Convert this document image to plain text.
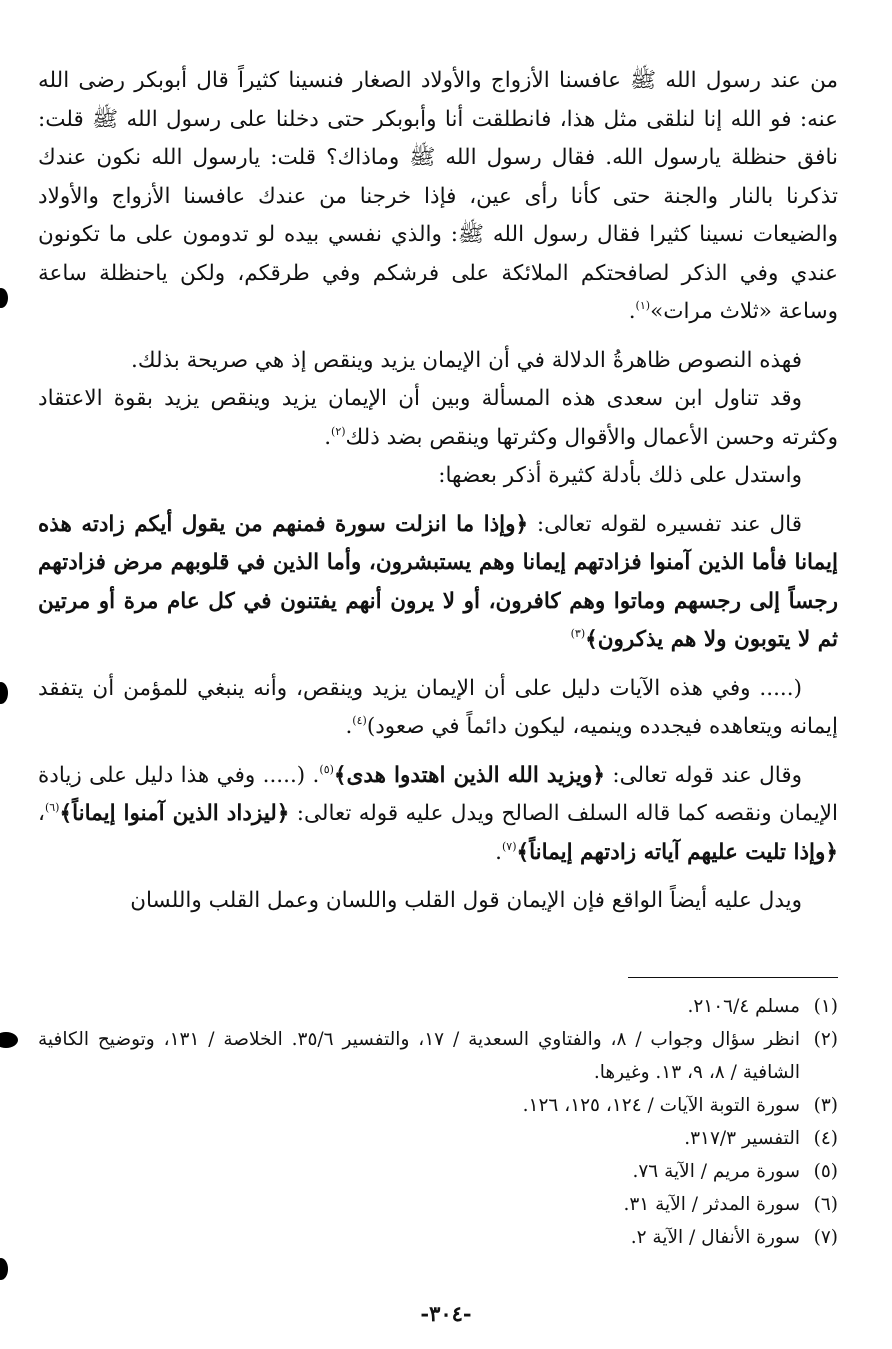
من عند رسول الله ﷺ عافسنا الأزواج والأولاد الصغار فنسينا كثيراً قال أبوبكر رضى الله عنه: فو الله إنا لنلقى مثل هذا، فانطلقت أنا وأبوبكر حتى دخلنا على رسول الله ﷺ قلت: نافق حنظلة يارسول الله. فقال رسول الله ﷺ وماذاك؟ قلت: يارسول الله نكون عندك تذكرنا بالنار والجنة حتى كأنا رأى عين، فإذا خرجنا من عندك عافسنا الأزواج والأولاد والضيعات نسينا كثيرا فقال رسول الله ﷺ: والذي نفسي بيده لو تدومون على ما تكونون عندي وفي الذكر لصافحتكم الملائكة على فرشكم وفي طرقكم، ولكن ياحنظلة ساعة وساعة «ثلاث مرات»$^{(١)}$.

فهذه النصوص ظاهرةُ الدلالة في أن الإيمان يزيد وينقص إذ هي صريحة بذلك.

وقد تناول ابن سعدى هذه المسألة وبين أن الإيمان يزيد وينقص يزيد بقوة الاعتقاد وكثرته وحسن الأعمال والأقوال وكثرتها وينقص بضد ذلك$^{(٢)}$.

واستدل على ذلك بأدلة كثيرة أذكر بعضها:

قال عند تفسيره لقوله تعالى: ﴿وإذا ما انزلت سورة فمنهم من يقول أيكم زادته هذه إيمانا فأما الذين آمنوا فزادتهم إيمانا وهم يستبشرون، وأما الذين في قلوبهم مرض فزادتهم رجساً إلى رجسهم وماتوا وهم كافرون، أو لا يرون أنهم يفتنون في كل عام مرة أو مرتين ثم لا يتوبون ولا هم يذكرون﴾$^{(٣)}$

(..... وفي هذه الآيات دليل على أن الإيمان يزيد وينقص، وأنه ينبغي للمؤمن أن يتفقد إيمانه ويتعاهده فيجدده وينميه، ليكون دائماً في صعود)$^{(٤)}$.

وقال عند قوله تعالى: ﴿ويزيد الله الذين اهتدوا هدى﴾$^{(٥)}$. (..... وفي هذا دليل على زيادة الإيمان ونقصه كما قاله السلف الصالح ويدل عليه قوله تعالى: ﴿ليزداد الذين آمنوا إيماناً﴾$^{(٦)}$، ﴿وإذا تليت عليهم آياته زادتهم إيماناً﴾$^{(٧)}$.

ويدل عليه أيضاً الواقع فإن الإيمان قول القلب واللسان وعمل القلب واللسان

(١)مسلم ٢١٠٦/٤.

(٢)انظر سؤال وجواب / ٨، والفتاوي السعدية / ١٧، والتفسير ٣٥/٦. الخلاصة / ١٣١، وتوضيح الكافية الشافية / ٨، ٩، ١٣. وغيرها.

(٣)سورة التوبة الآيات / ١٢٤، ١٢٥، ١٢٦.

(٤)التفسير ٣١٧/٣.

(٥)سورة مريم / الآية ٧٦.

(٦)سورة المدثر / الآية ٣١.

(٧)سورة الأنفال / الآية ٢.

-٣٠٤-
